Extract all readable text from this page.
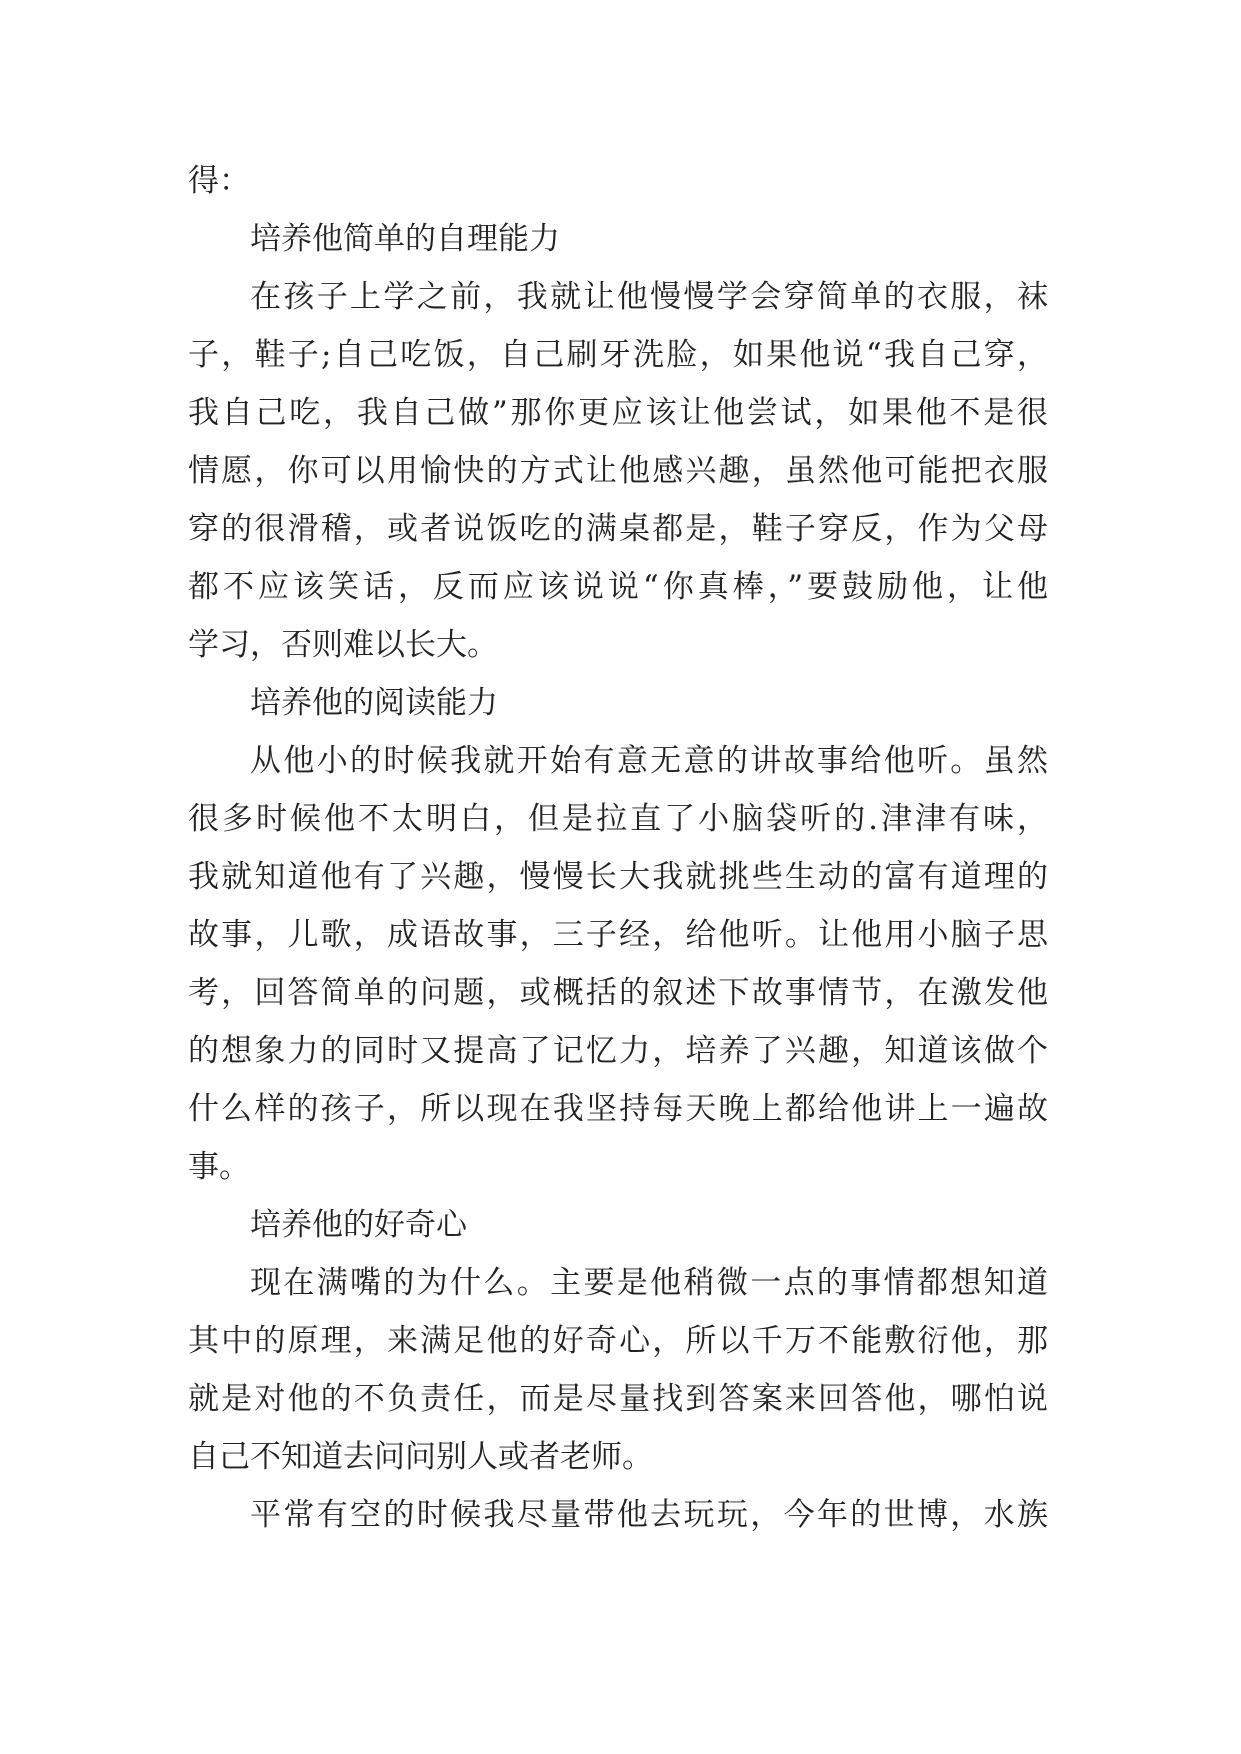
得：
培养他简单的自理能力
在孩子上学之前，我就让他慢慢学会穿简单的衣服，袜
子，鞋子;自己吃饭，自己刷牙洗脸，如果他说“我自己穿，
我自己吃，我自己做”那你更应该让他尝试，如果他不是很
情愿，你可以用愉快的方式让他感兴趣，虽然他可能把衣服
穿的很滑稽，或者说饭吃的满桌都是，鞋子穿反，作为父母
都不应该笑话，反而应该说说“你真棒，”要鼓励他，让他
学习，否则难以长大。
培养他的阅读能力
从他小的时候我就开始有意无意的讲故事给他听。虽然
很多时候他不太明白，但是拉直了小脑袋听的.津津有味，
我就知道他有了兴趣，慢慢长大我就挑些生动的富有道理的
故事，儿歌，成语故事，三子经，给他听。让他用小脑子思
考，回答简单的问题，或概括的叙述下故事情节，在激发他
的想象力的同时又提高了记忆力，培养了兴趣，知道该做个
什么样的孩子，所以现在我坚持每天晚上都给他讲上一遍故
事。
培养他的好奇心
现在满嘴的为什么。主要是他稍微一点的事情都想知道
其中的原理，来满足他的好奇心，所以千万不能敷衍他，那
就是对他的不负责任，而是尽量找到答案来回答他，哪怕说
自己不知道去问问别人或者老师。
平常有空的时候我尽量带他去玩玩，今年的世博，水族
